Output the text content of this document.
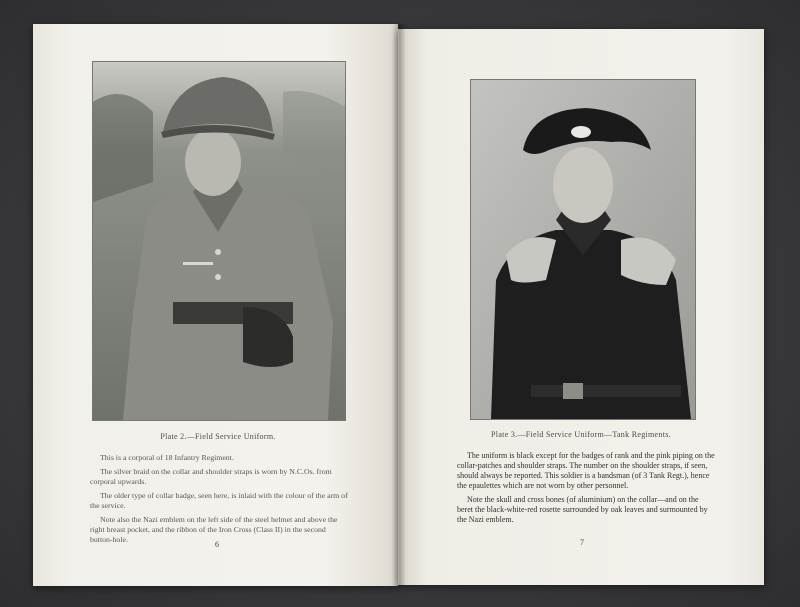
Plate 2.—Field Service Uniform.

This is a corporal of 18 Infantry Regiment.

The silver braid on the collar and shoulder straps is worn by N.C.Os. from corporal upwards.

The older type of collar badge, seen here, is inlaid with the colour of the arm of the service.

Note also the Nazi emblem on the left side of the steel helmet and above the right breast pocket, and the ribbon of the Iron Cross (Class II) in the second button-hole.

6
Plate 3.—Field Service Uniform—Tank Regiments.

The uniform is black except for the badges of rank and the pink piping on the collar-patches and shoulder straps. The number on the shoulder straps, if seen, should always be reported. This soldier is a bandsman (of 3 Tank Regt.), hence the epaulettes which are not worn by other personnel.

Note the skull and cross bones (of aluminium) on the collar—and on the beret the black-white-red rosette surrounded by oak leaves and surmounted by the Nazi emblem.

7
